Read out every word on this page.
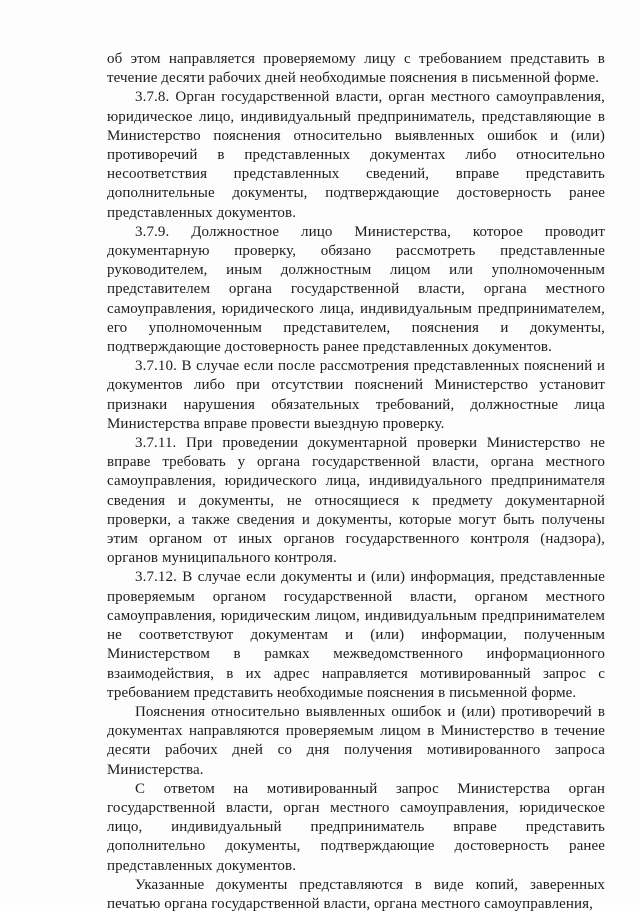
об этом направляется проверяемому лицу с требованием представить в течение десяти рабочих дней необходимые пояснения в письменной форме.

3.7.8. Орган государственной власти, орган местного самоуправления, юридическое лицо, индивидуальный предприниматель, представляющие в Министерство пояснения относительно выявленных ошибок и (или) противоречий в представленных документах либо относительно несоответствия представленных сведений, вправе представить дополнительные документы, подтверждающие достоверность ранее представленных документов.

3.7.9. Должностное лицо Министерства, которое проводит документарную проверку, обязано рассмотреть представленные руководителем, иным должностным лицом или уполномоченным представителем органа государственной власти, органа местного самоуправления, юридического лица, индивидуальным предпринимателем, его уполномоченным представителем, пояснения и документы, подтверждающие достоверность ранее представленных документов.

3.7.10. В случае если после рассмотрения представленных пояснений и документов либо при отсутствии пояснений Министерство установит признаки нарушения обязательных требований, должностные лица Министерства вправе провести выездную проверку.

3.7.11. При проведении документарной проверки Министерство не вправе требовать у органа государственной власти, органа местного самоуправления, юридического лица, индивидуального предпринимателя сведения и документы, не относящиеся к предмету документарной проверки, а также сведения и документы, которые могут быть получены этим органом от иных органов государственного контроля (надзора), органов муниципального контроля.

3.7.12. В случае если документы и (или) информация, представленные проверяемым органом государственной власти, органом местного самоуправления, юридическим лицом, индивидуальным предпринимателем не соответствуют документам и (или) информации, полученным Министерством в рамках межведомственного информационного взаимодействия, в их адрес направляется мотивированный запрос с требованием представить необходимые пояснения в письменной форме.

Пояснения относительно выявленных ошибок и (или) противоречий в документах направляются проверяемым лицом в Министерство в течение десяти рабочих дней со дня получения мотивированного запроса Министерства.

С ответом на мотивированный запрос Министерства орган государственной власти, орган местного самоуправления, юридическое лицо, индивидуальный предприниматель вправе представить дополнительно документы, подтверждающие достоверность ранее представленных документов.

Указанные документы представляются в виде копий, заверенных печатью органа государственной власти, органа местного самоуправления,
